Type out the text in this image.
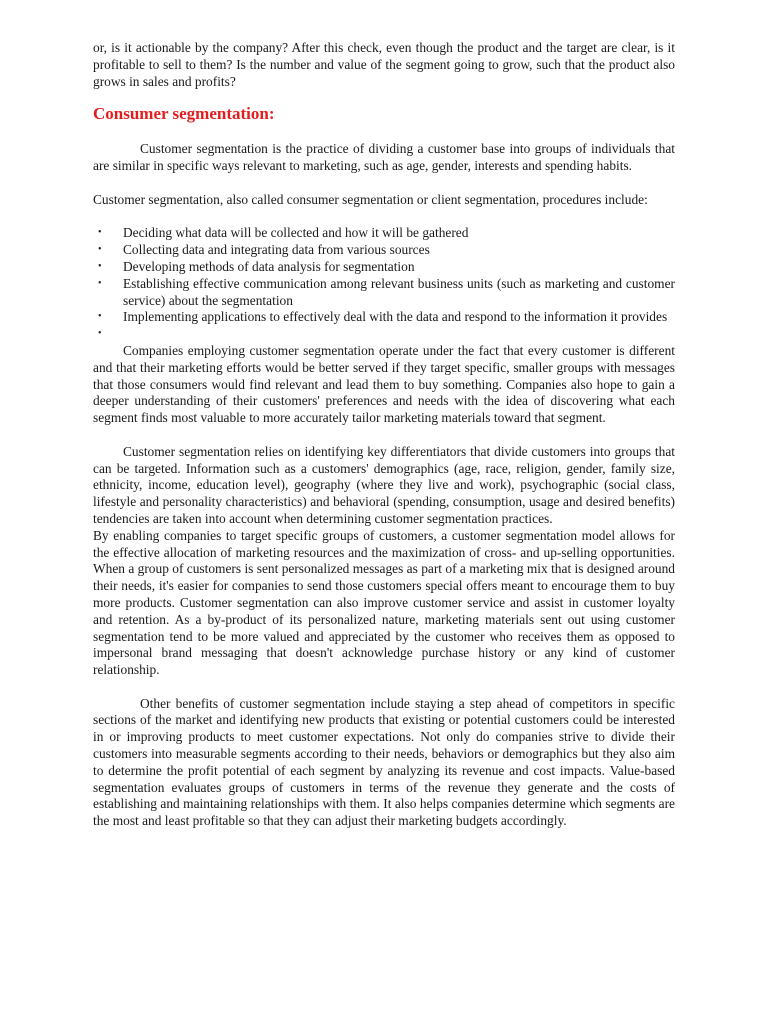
or, is it actionable by the company? After this check, even though the product and the target are clear, is it profitable to sell to them? Is the number and value of the segment going to grow, such that the product also grows in sales and profits?

Consumer segmentation:

Customer segmentation is the practice of dividing a customer base into groups of individuals that are similar in specific ways relevant to marketing, such as age, gender, interests and spending habits.

Customer segmentation, also called consumer segmentation or client segmentation, procedures include:

• Deciding what data will be collected and how it will be gathered
• Collecting data and integrating data from various sources
• Developing methods of data analysis for segmentation
• Establishing effective communication among relevant business units (such as marketing and customer service) about the segmentation
• Implementing applications to effectively deal with the data and respond to the information it provides
•

Companies employing customer segmentation operate under the fact that every customer is different and that their marketing efforts would be better served if they target specific, smaller groups with messages that those consumers would find relevant and lead them to buy something. Companies also hope to gain a deeper understanding of their customers' preferences and needs with the idea of discovering what each segment finds most valuable to more accurately tailor marketing materials toward that segment.

Customer segmentation relies on identifying key differentiators that divide customers into groups that can be targeted. Information such as a customers' demographics (age, race, religion, gender, family size, ethnicity, income, education level), geography (where they live and work), psychographic (social class, lifestyle and personality characteristics) and behavioral (spending, consumption, usage and desired benefits) tendencies are taken into account when determining customer segmentation practices.

By enabling companies to target specific groups of customers, a customer segmentation model allows for the effective allocation of marketing resources and the maximization of cross- and up-selling opportunities. When a group of customers is sent personalized messages as part of a marketing mix that is designed around their needs, it's easier for companies to send those customers special offers meant to encourage them to buy more products. Customer segmentation can also improve customer service and assist in customer loyalty and retention. As a by-product of its personalized nature, marketing materials sent out using customer segmentation tend to be more valued and appreciated by the customer who receives them as opposed to impersonal brand messaging that doesn't acknowledge purchase history or any kind of customer relationship.

Other benefits of customer segmentation include staying a step ahead of competitors in specific sections of the market and identifying new products that existing or potential customers could be interested in or improving products to meet customer expectations. Not only do companies strive to divide their customers into measurable segments according to their needs, behaviors or demographics but they also aim to determine the profit potential of each segment by analyzing its revenue and cost impacts. Value-based segmentation evaluates groups of customers in terms of the revenue they generate and the costs of establishing and maintaining relationships with them. It also helps companies determine which segments are the most and least profitable so that they can adjust their marketing budgets accordingly.
